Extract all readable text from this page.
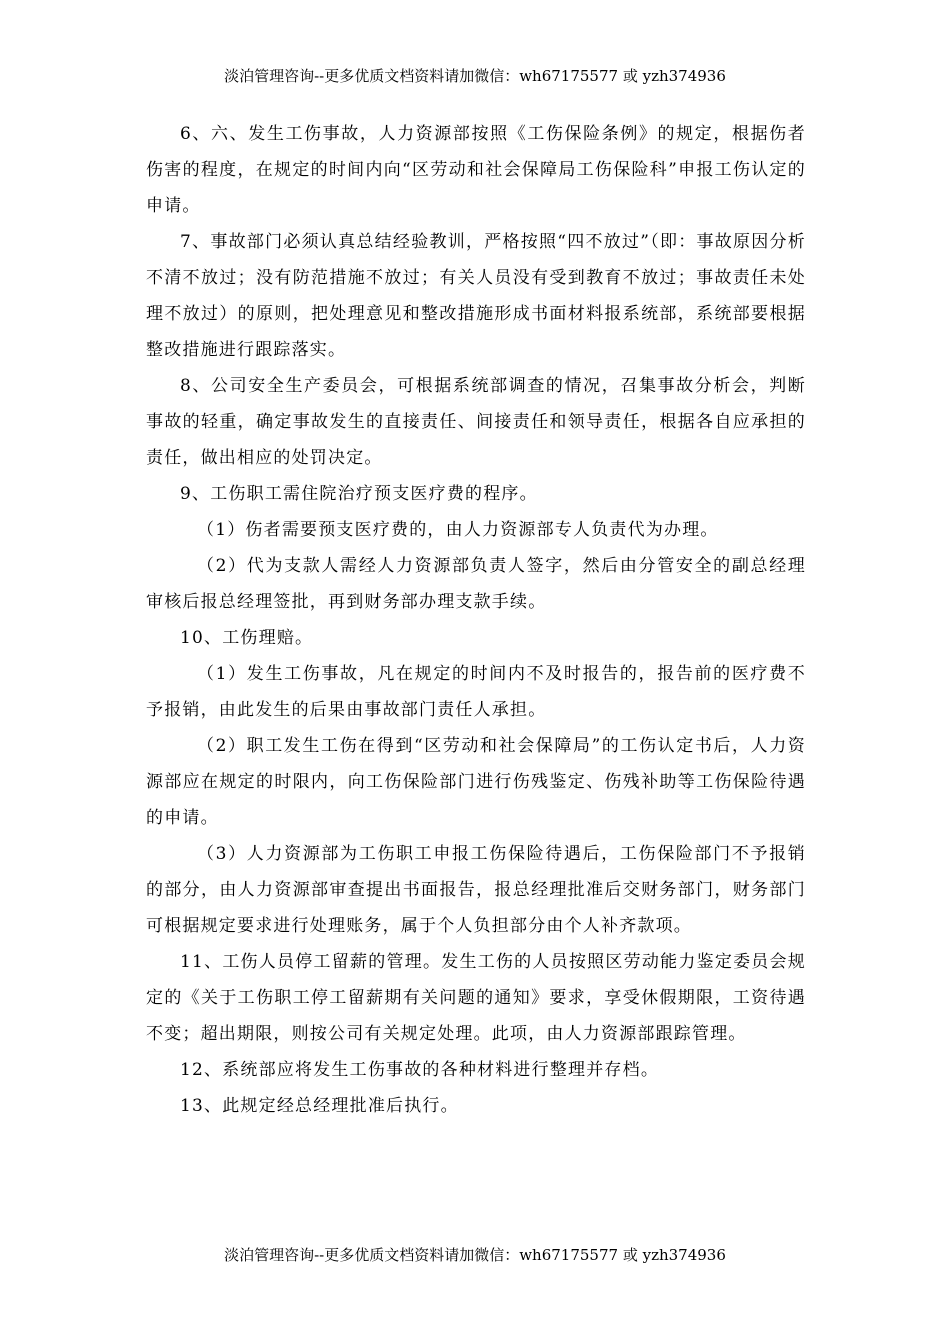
淡泊管理咨询--更多优质文档资料请加微信：wh67175577 或 yzh374936

6、六、发生工伤事故，人力资源部按照《工伤保险条例》的规定，根据伤者伤害的程度，在规定的时间内向“区劳动和社会保障局工伤保险科”申报工伤认定的申请。

7、事故部门必须认真总结经验教训，严格按照“四不放过”（即：事故原因分析不清不放过；没有防范措施不放过；有关人员没有受到教育不放过；事故责任未处理不放过）的原则，把处理意见和整改措施形成书面材料报系统部，系统部要根据整改措施进行跟踪落实。

8、公司安全生产委员会，可根据系统部调查的情况，召集事故分析会，判断事故的轻重，确定事故发生的直接责任、间接责任和领导责任，根据各自应承担的责任，做出相应的处罚决定。

9、工伤职工需住院治疗预支医疗费的程序。

（1）伤者需要预支医疗费的，由人力资源部专人负责代为办理。

（2）代为支款人需经人力资源部负责人签字，然后由分管安全的副总经理审核后报总经理签批，再到财务部办理支款手续。

10、工伤理赔。

（1）发生工伤事故，凡在规定的时间内不及时报告的，报告前的医疗费不予报销，由此发生的后果由事故部门责任人承担。

（2）职工发生工伤在得到“区劳动和社会保障局”的工伤认定书后，人力资源部应在规定的时限内，向工伤保险部门进行伤残鉴定、伤残补助等工伤保险待遇的申请。

（3）人力资源部为工伤职工申报工伤保险待遇后，工伤保险部门不予报销的部分，由人力资源部审查提出书面报告，报总经理批准后交财务部门，财务部门可根据规定要求进行处理账务，属于个人负担部分由个人补齐款项。

11、工伤人员停工留薪的管理。发生工伤的人员按照区劳动能力鉴定委员会规定的《关于工伤职工停工留薪期有关问题的通知》要求，享受休假期限，工资待遇不变；超出期限，则按公司有关规定处理。此项，由人力资源部跟踪管理。

12、系统部应将发生工伤事故的各种材料进行整理并存档。

13、此规定经总经理批准后执行。

淡泊管理咨询--更多优质文档资料请加微信：wh67175577 或 yzh374936
